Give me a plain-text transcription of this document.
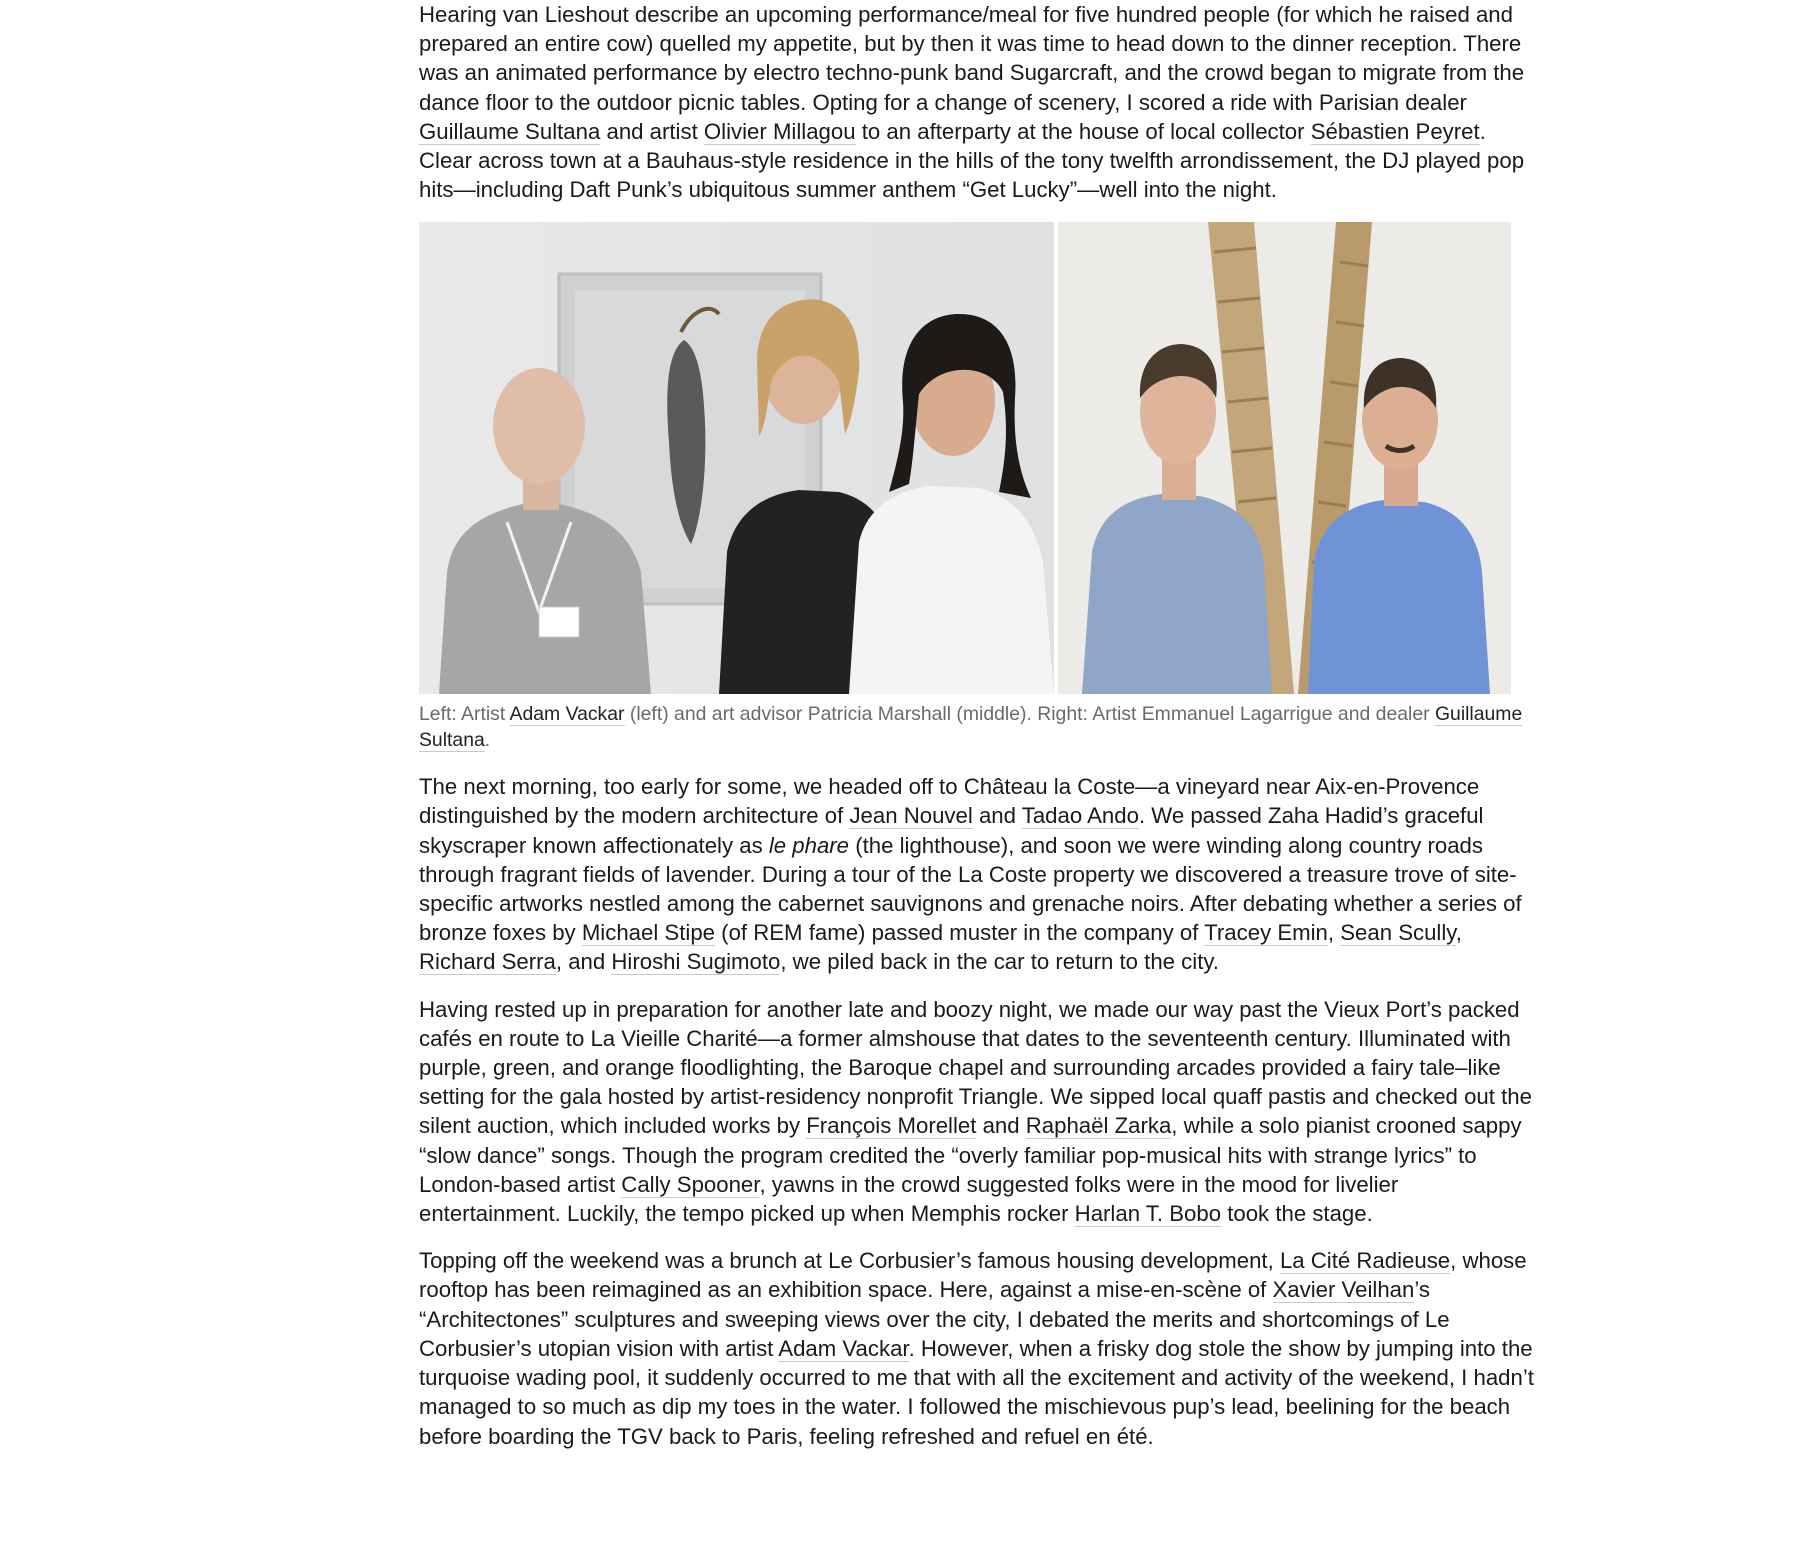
Hearing van Lieshout describe an upcoming performance/meal for five hundred people (for which he raised and prepared an entire cow) quelled my appetite, but by then it was time to head down to the dinner reception. There was an animated performance by electro techno-punk band Sugarcraft, and the crowd began to migrate from the dance floor to the outdoor picnic tables. Opting for a change of scenery, I scored a ride with Parisian dealer Guillaume Sultana and artist Olivier Millagou to an afterparty at the house of local collector Sébastien Peyret. Clear across town at a Bauhaus-style residence in the hills of the tony twelfth arrondissement, the DJ played pop hits—including Daft Punk’s ubiquitous summer anthem “Get Lucky”—well into the night.

Left: Artist Adam Vackar (left) and art advisor Patricia Marshall (middle). Right: Artist Emmanuel Lagarrigue and dealer Guillaume Sultana.

The next morning, too early for some, we headed off to Château la Coste—a vineyard near Aix-en-Provence distinguished by the modern architecture of Jean Nouvel and Tadao Ando. We passed Zaha Hadid’s graceful skyscraper known affectionately as le phare (the lighthouse), and soon we were winding along country roads through fragrant fields of lavender. During a tour of the La Coste property we discovered a treasure trove of site-specific artworks nestled among the cabernet sauvignons and grenache noirs. After debating whether a series of bronze foxes by Michael Stipe (of REM fame) passed muster in the company of Tracey Emin, Sean Scully, Richard Serra, and Hiroshi Sugimoto, we piled back in the car to return to the city.

Having rested up in preparation for another late and boozy night, we made our way past the Vieux Port’s packed cafés en route to La Vieille Charité—a former almshouse that dates to the seventeenth century. Illuminated with purple, green, and orange floodlighting, the Baroque chapel and surrounding arcades provided a fairy tale–like setting for the gala hosted by artist-residency nonprofit Triangle. We sipped local quaff pastis and checked out the silent auction, which included works by François Morellet and Raphaël Zarka, while a solo pianist crooned sappy “slow dance” songs. Though the program credited the “overly familiar pop-musical hits with strange lyrics” to London-based artist Cally Spooner, yawns in the crowd suggested folks were in the mood for livelier entertainment. Luckily, the tempo picked up when Memphis rocker Harlan T. Bobo took the stage.

Topping off the weekend was a brunch at Le Corbusier’s famous housing development, La Cité Radieuse, whose rooftop has been reimagined as an exhibition space. Here, against a mise-en-scène of Xavier Veilhan’s “Architectones” sculptures and sweeping views over the city, I debated the merits and shortcomings of Le Corbusier’s utopian vision with artist Adam Vackar. However, when a frisky dog stole the show by jumping into the turquoise wading pool, it suddenly occurred to me that with all the excitement and activity of the weekend, I hadn’t managed to so much as dip my toes in the water. I followed the mischievous pup’s lead, beelining for the beach before boarding the TGV back to Paris, feeling refreshed and refuel en été.
